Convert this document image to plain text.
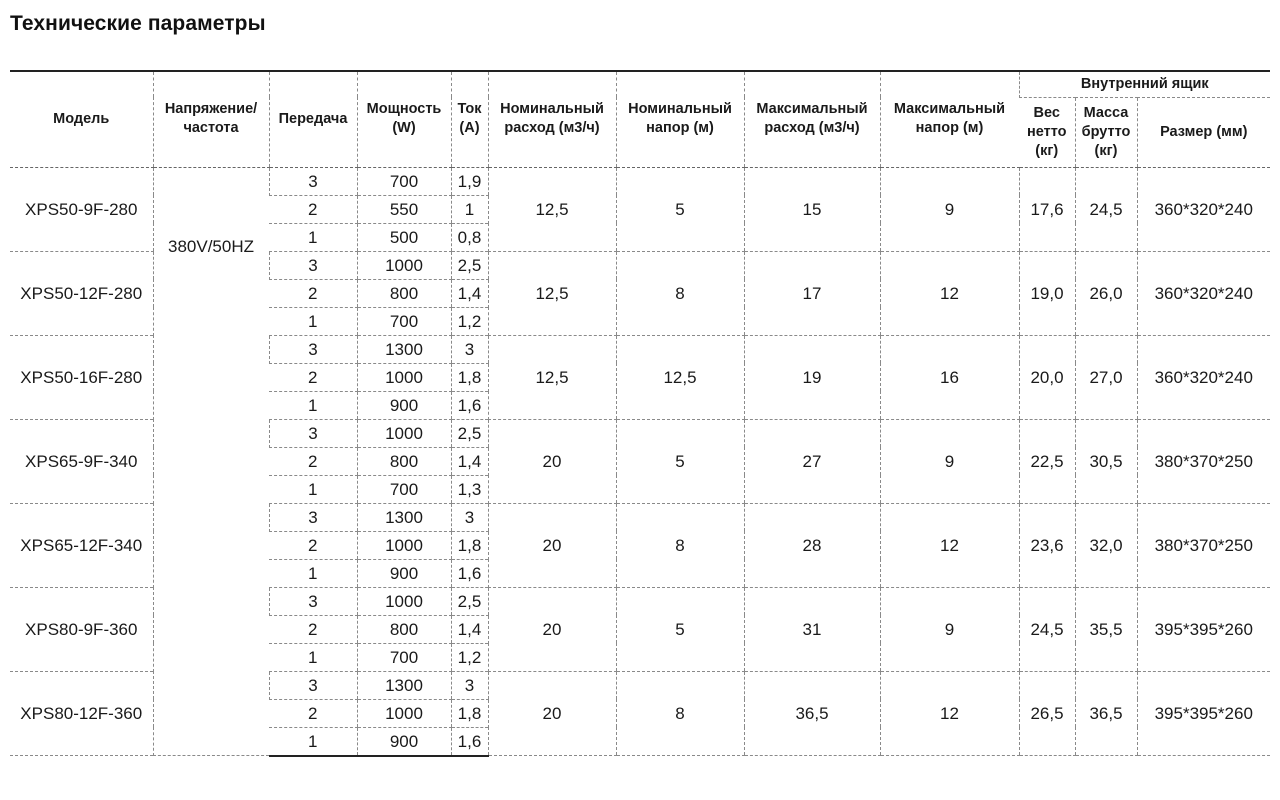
Технические параметры
Модель	Напряжение/ частота	Передача	Мощность (W)	Ток (А)	Номинальный расход (м3/ч)	Номинальный напор (м)	Максимальный расход (м3/ч)	Максимальный напор (м)	Внутренний ящик		
									Вес нетто (кг)	Масса брутто (кг)	Размер (мм)
XPS50-9F-280	380V/50HZ	3	700	1,9	12,5	5	15	9	17,6	24,5	360*320*240
		2	550	1							
		1	500	0,8							
XPS50-12F-280		3	1000	2,5	12,5	8	17	12	19,0	26,0	360*320*240
		2	800	1,4							
		1	700	1,2							
XPS50-16F-280		3	1300	3	12,5	12,5	19	16	20,0	27,0	360*320*240
		2	1000	1,8							
		1	900	1,6							
XPS65-9F-340		3	1000	2,5	20	5	27	9	22,5	30,5	380*370*250
		2	800	1,4							
		1	700	1,3							
XPS65-12F-340		3	1300	3	20	8	28	12	23,6	32,0	380*370*250
		2	1000	1,8							
		1	900	1,6							
XPS80-9F-360		3	1000	2,5	20	5	31	9	24,5	35,5	395*395*260
		2	800	1,4							
		1	700	1,2							
XPS80-12F-360		3	1300	3	20	8	36,5	12	26,5	36,5	395*395*260
		2	1000	1,8							
		1	900	1,6							
